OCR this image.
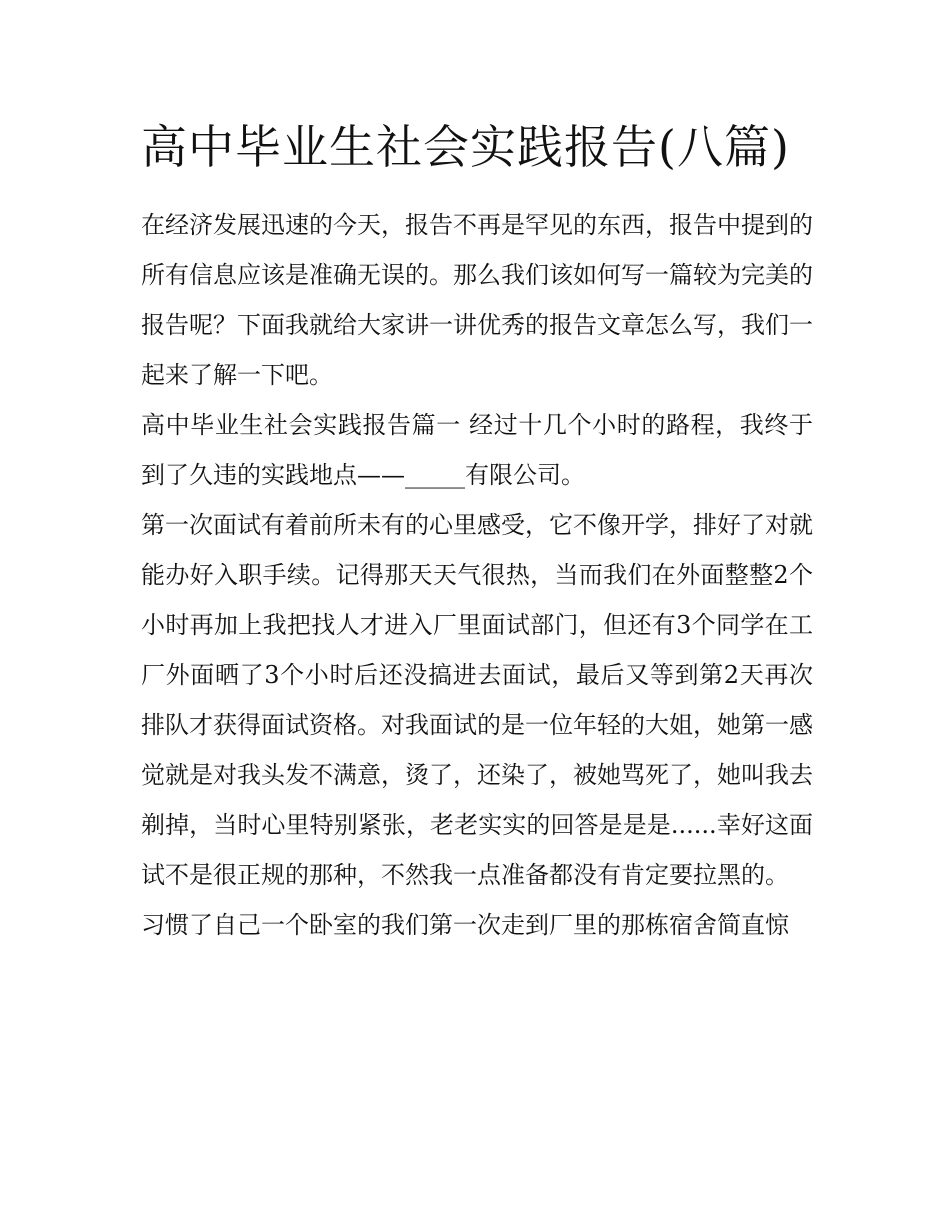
高中毕业生社会实践报告(八篇)

在经济发展迅速的今天，报告不再是罕见的东西，报告中提到的所有信息应该是准确无误的。那么我们该如何写一篇较为完美的报告呢？下面我就给大家讲一讲优秀的报告文章怎么写，我们一起来了解一下吧。

高中毕业生社会实践报告篇一 经过十几个小时的路程，我终于到了久违的实践地点——_____有限公司。

第一次面试有着前所未有的心里感受，它不像开学，排好了对就能办好入职手续。记得那天天气很热，当而我们在外面整整2个小时再加上我把找人才进入厂里面试部门，但还有3个同学在工厂外面晒了3个小时后还没搞进去面试，最后又等到第2天再次排队才获得面试资格。对我面试的是一位年轻的大姐，她第一感觉就是对我头发不满意，烫了，还染了，被她骂死了，她叫我去剃掉，当时心里特别紧张，老老实实的回答是是是......幸好这面试不是很正规的那种，不然我一点准备都没有肯定要拉黑的。

习惯了自己一个卧室的我们第一次走到厂里的那栋宿舍简直惊
